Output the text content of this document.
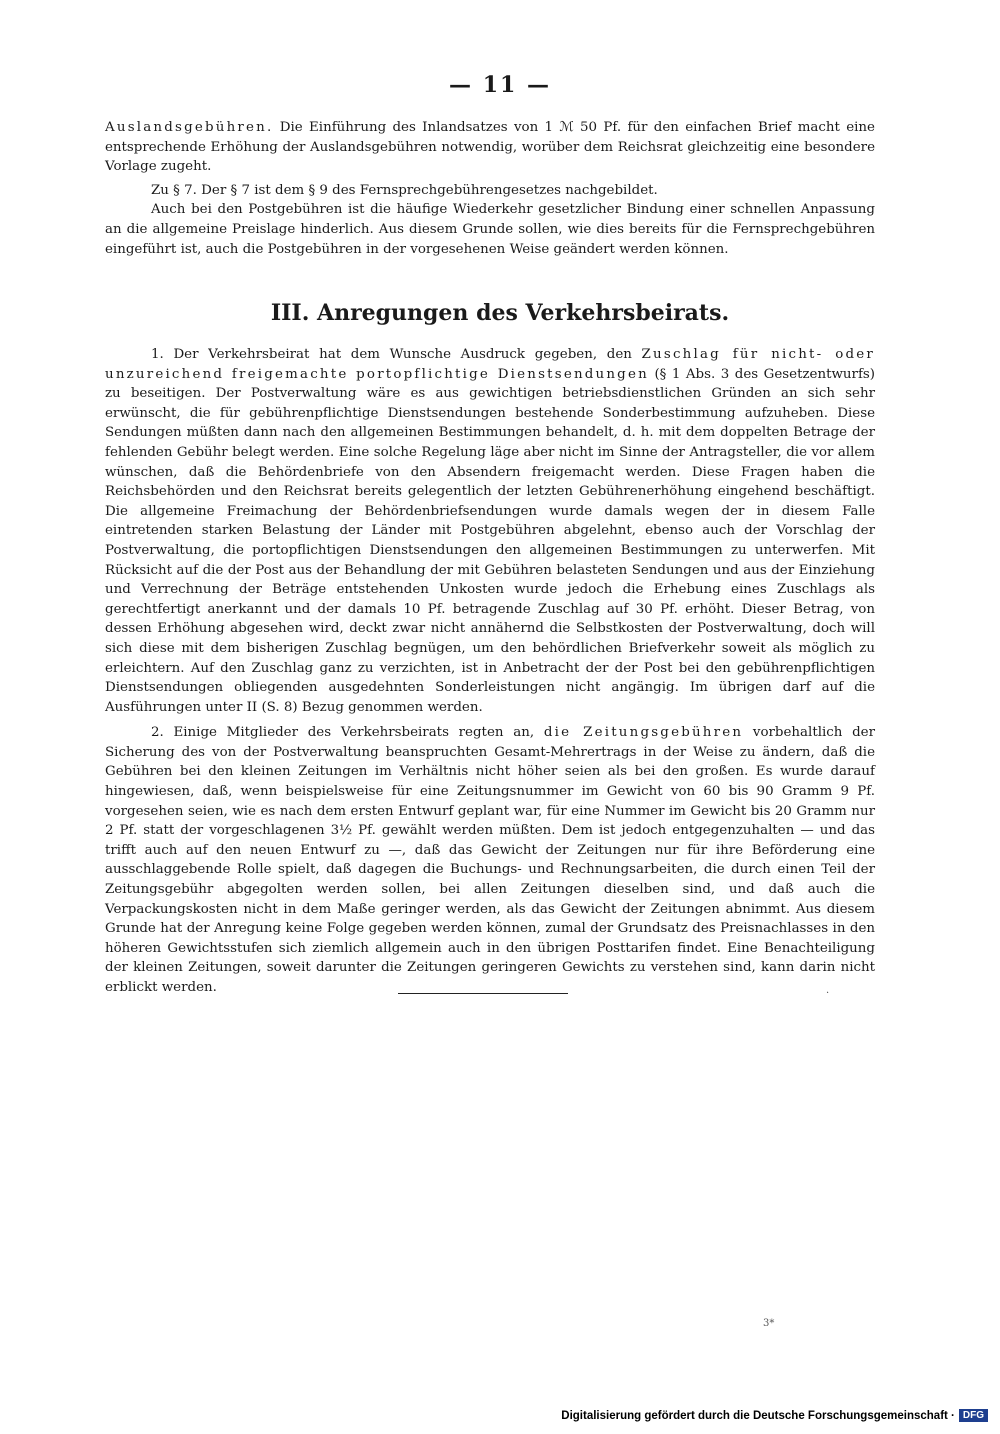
— 11 —

Auslandsgebühren. Die Einführung des Inlandsatzes von 1 ℳ 50 Pf. für den einfachen Brief macht eine entsprechende Erhöhung der Auslandsgebühren notwendig, worüber dem Reichsrat gleichzeitig eine besondere Vorlage zugeht.

Zu § 7. Der § 7 ist dem § 9 des Fernsprechgebührengesetzes nachgebildet.

Auch bei den Postgebühren ist die häufige Wiederkehr gesetzlicher Bindung einer schnellen Anpassung an die allgemeine Preislage hinderlich. Aus diesem Grunde sollen, wie dies bereits für die Fernsprechgebühren eingeführt ist, auch die Postgebühren in der vorgesehenen Weise geändert werden können.

III. Anregungen des Verkehrsbeirats.

1. Der Verkehrsbeirat hat dem Wunsche Ausdruck gegeben, den Zuschlag für nicht- oder unzureichend freigemachte portopflichtige Dienstsendungen (§ 1 Abs. 3 des Gesetzentwurfs) zu beseitigen. Der Postverwaltung wäre es aus gewichtigen betriebsdienstlichen Gründen an sich sehr erwünscht, die für gebührenpflichtige Dienstsendungen bestehende Sonderbestimmung aufzuheben. Diese Sendungen müßten dann nach den allgemeinen Bestimmungen behandelt, d. h. mit dem doppelten Betrage der fehlenden Gebühr belegt werden. Eine solche Regelung läge aber nicht im Sinne der Antragsteller, die vor allem wünschen, daß die Behördenbriefe von den Absendern freigemacht werden. Diese Fragen haben die Reichsbehörden und den Reichsrat bereits gelegentlich der letzten Gebührenerhöhung eingehend beschäftigt. Die allgemeine Freimachung der Behördenbriefsendungen wurde damals wegen der in diesem Falle eintretenden starken Belastung der Länder mit Postgebühren abgelehnt, ebenso auch der Vorschlag der Postverwaltung, die portopflichtigen Dienstsendungen den allgemeinen Bestimmungen zu unterwerfen. Mit Rücksicht auf die der Post aus der Behandlung der mit Gebühren belasteten Sendungen und aus der Einziehung und Verrechnung der Beträge entstehenden Unkosten wurde jedoch die Erhebung eines Zuschlags als gerechtfertigt anerkannt und der damals 10 Pf. betragende Zuschlag auf 30 Pf. erhöht. Dieser Betrag, von dessen Erhöhung abgesehen wird, deckt zwar nicht annähernd die Selbstkosten der Postverwaltung, doch will sich diese mit dem bisherigen Zuschlag begnügen, um den behördlichen Briefverkehr soweit als möglich zu erleichtern. Auf den Zuschlag ganz zu verzichten, ist in Anbetracht der der Post bei den gebührenpflichtigen Dienstsendungen obliegenden ausgedehnten Sonderleistungen nicht angängig. Im übrigen darf auf die Ausführungen unter II (S. 8) Bezug genommen werden.

2. Einige Mitglieder des Verkehrsbeirats regten an, die Zeitungsgebühren vorbehaltlich der Sicherung des von der Postverwaltung beanspruchten Gesamt-Mehrertrags in der Weise zu ändern, daß die Gebühren bei den kleinen Zeitungen im Verhältnis nicht höher seien als bei den großen. Es wurde darauf hingewiesen, daß, wenn beispielsweise für eine Zeitungsnummer im Gewicht von 60 bis 90 Gramm 9 Pf. vorgesehen seien, wie es nach dem ersten Entwurf geplant war, für eine Nummer im Gewicht bis 20 Gramm nur 2 Pf. statt der vorgeschlagenen 3½ Pf. gewählt werden müßten. Dem ist jedoch entgegenzuhalten — und das trifft auch auf den neuen Entwurf zu —, daß das Gewicht der Zeitungen nur für ihre Beförderung eine ausschlaggebende Rolle spielt, daß dagegen die Buchungs- und Rechnungsarbeiten, die durch einen Teil der Zeitungsgebühr abgegolten werden sollen, bei allen Zeitungen dieselben sind, und daß auch die Verpackungskosten nicht in dem Maße geringer werden, als das Gewicht der Zeitungen abnimmt. Aus diesem Grunde hat der Anregung keine Folge gegeben werden können, zumal der Grundsatz des Preisnachlasses in den höheren Gewichtsstufen sich ziemlich allgemein auch in den übrigen Posttarifen findet. Eine Benachteiligung der kleinen Zeitungen, soweit darunter die Zeitungen geringeren Gewichts zu verstehen sind, kann darin nicht erblickt werden.	·
3*
Digitalisierung gefördert durch die Deutsche Forschungsgemeinschaft · DFG
